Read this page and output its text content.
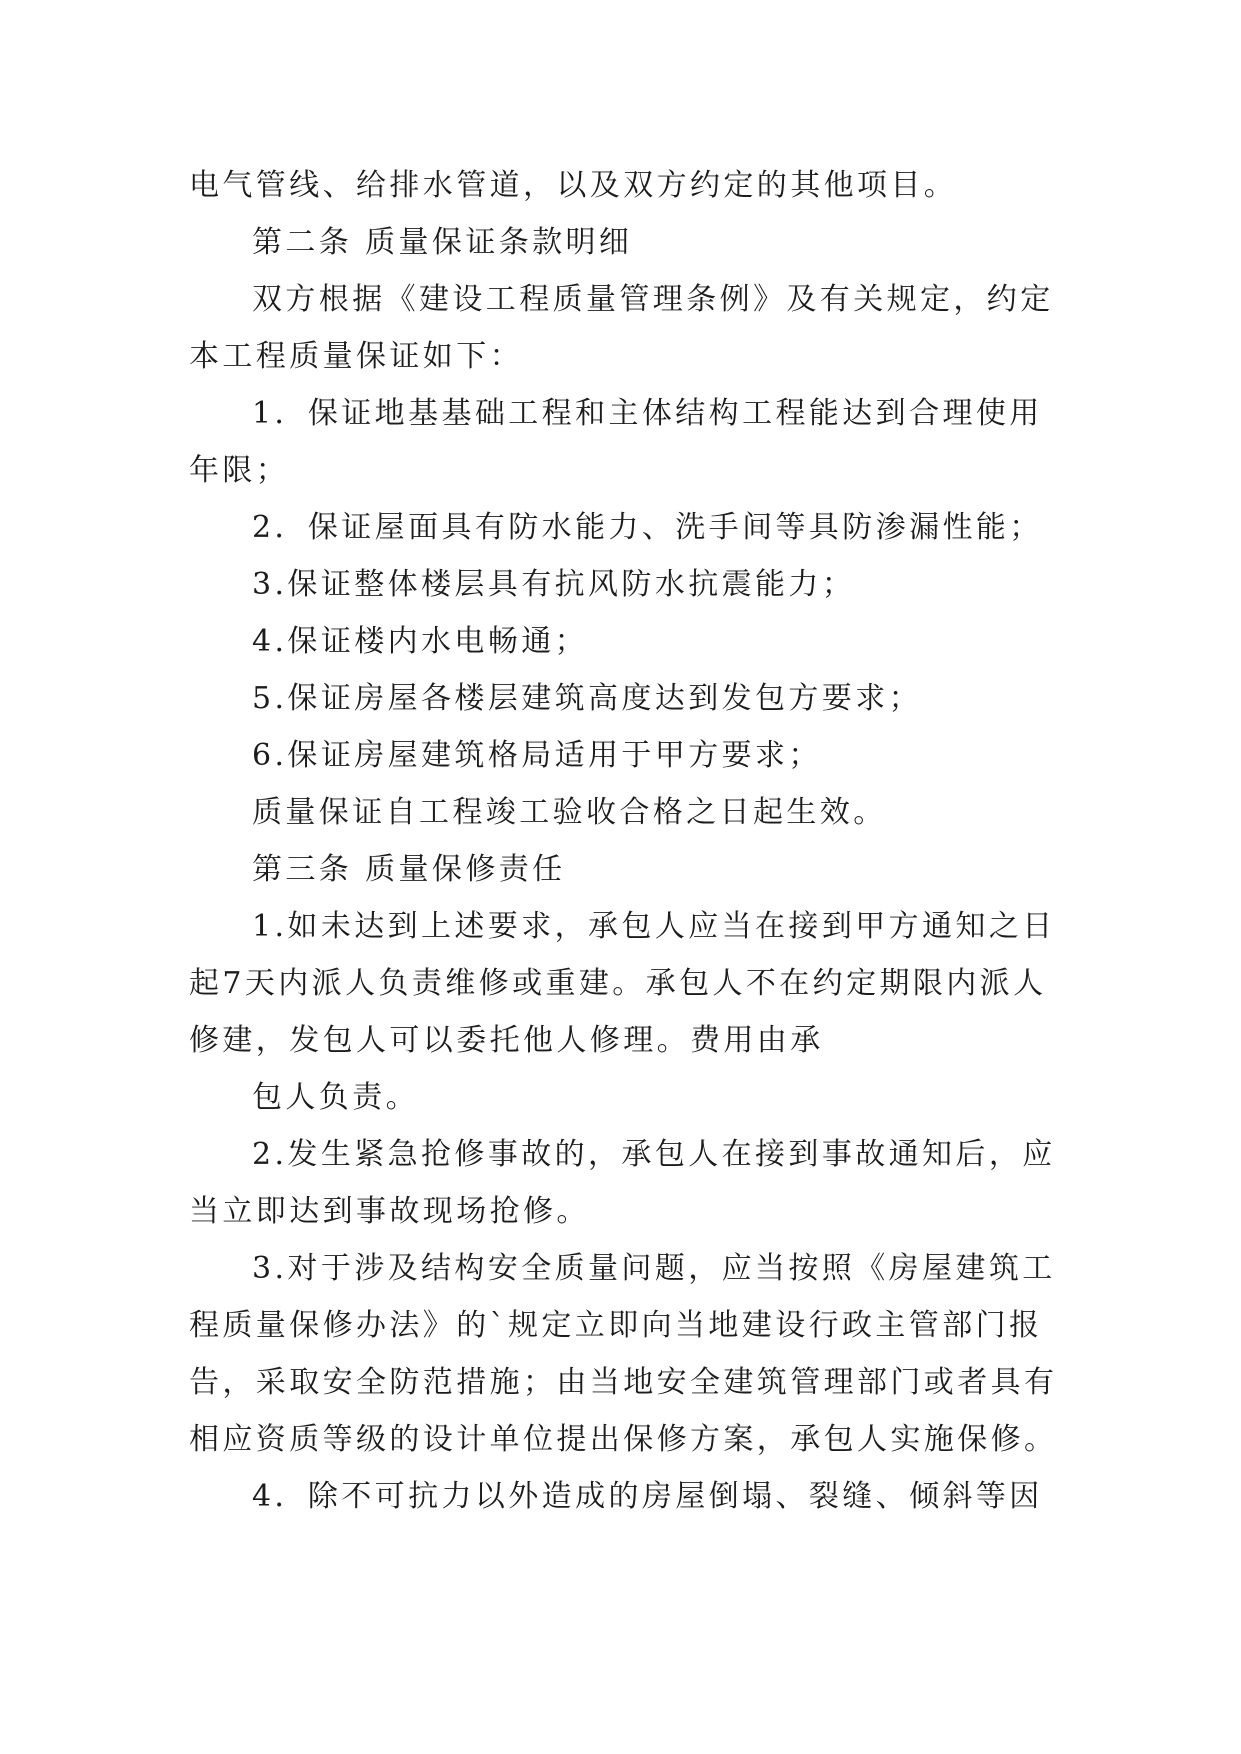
电气管线、给排水管道，以及双方约定的其他项目。
第二条 质量保证条款明细
双方根据《建设工程质量管理条例》及有关规定，约定
本工程质量保证如下：
1．保证地基基础工程和主体结构工程能达到合理使用
年限；
2．保证屋面具有防水能力、洗手间等具防渗漏性能；
3.保证整体楼层具有抗风防水抗震能力；
4.保证楼内水电畅通；
5.保证房屋各楼层建筑高度达到发包方要求；
6.保证房屋建筑格局适用于甲方要求；
质量保证自工程竣工验收合格之日起生效。
第三条 质量保修责任
1.如未达到上述要求，承包人应当在接到甲方通知之日
起7天内派人负责维修或重建。承包人不在约定期限内派人
修建，发包人可以委托他人修理。费用由承
包人负责。
2.发生紧急抢修事故的，承包人在接到事故通知后，应
当立即达到事故现场抢修。
3.对于涉及结构安全质量问题，应当按照《房屋建筑工
程质量保修办法》的`规定立即向当地建设行政主管部门报
告，采取安全防范措施；由当地安全建筑管理部门或者具有
相应资质等级的设计单位提出保修方案，承包人实施保修。
4．除不可抗力以外造成的房屋倒塌、裂缝、倾斜等因
